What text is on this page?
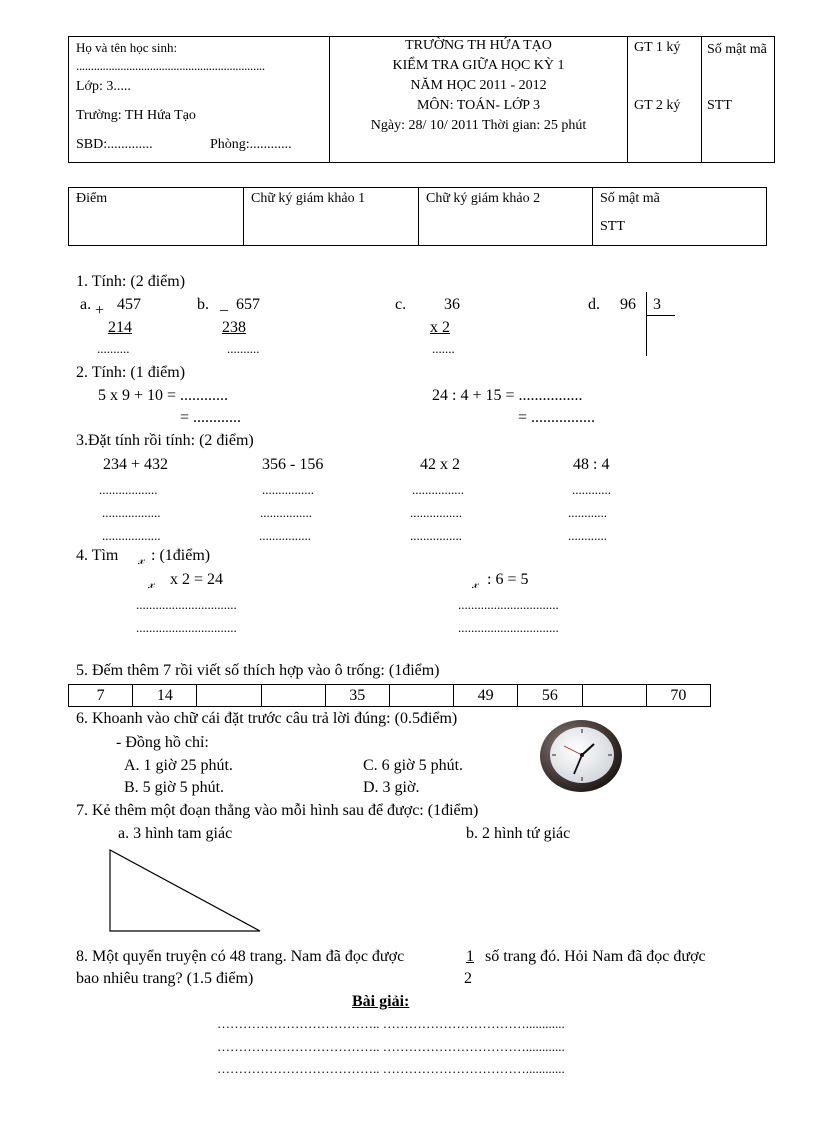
Họ và tên học sinh:
................................................................
Lớp: 3.....
Trường: TH Hứa Tạo
SBD:.............	Phòng:............
TRƯỜNG TH HỨA TẠO
KIỂM TRA GIỮA HỌC KỲ 1
NĂM HỌC 2011 - 2012
MÔN: TOÁN- LỚP 3
Ngày: 28/ 10/ 2011 Thời gian: 25 phút
GT 1 ký
GT 2 ký
Số mật mã
STT
Điểm	Chữ ký giám khảo 1	Chữ ký giám khảo 2	Số mật mã
STT
1. Tính: (2 điểm)
a. + 457
214
..........
b. _ 657
238
..........
c. 36
x 2
.......
d. 96 3
2. Tính: (1 điểm)
5 x 9 + 10 = ............
= ............
24 : 4 + 15 = ................
= ................
3.Đặt tính rồi tính: (2 điểm)
234 + 432	356 - 156	42 x 2	48 : 4
..................
..................
..................
................
................
................
................
................
................
............
............
............
4. Tìm 𝓍 : (1điểm)
𝓍 x 2 = 24	𝓍 : 6 = 5
...............................
...............................
...............................
...............................
5. Đếm thêm 7 rồi viết số thích hợp vào ô trống: (1điểm)
7	14			35		49	56		70
6. Khoanh vào chữ cái đặt trước câu trả lời đúng: (0.5điểm)
- Đồng hồ chỉ:
A. 1 giờ 25 phút.
B. 5 giờ 5 phút.
C. 6 giờ 5 phút.
D. 3 giờ.
7. Kẻ thêm một đoạn thẳng vào mỗi hình sau để được: (1điểm)
a. 3 hình tam giác	b. 2 hình tứ giác
8. Một quyển truyện có 48 trang. Nam đã đọc được	1
2
số trang đó. Hỏi Nam đã đọc được
bao nhiêu trang? (1.5 điểm)
Bài giải:
……………………………….. ……………………………............
……………………………….. ……………………………............
……………………………….. ……………………………............
